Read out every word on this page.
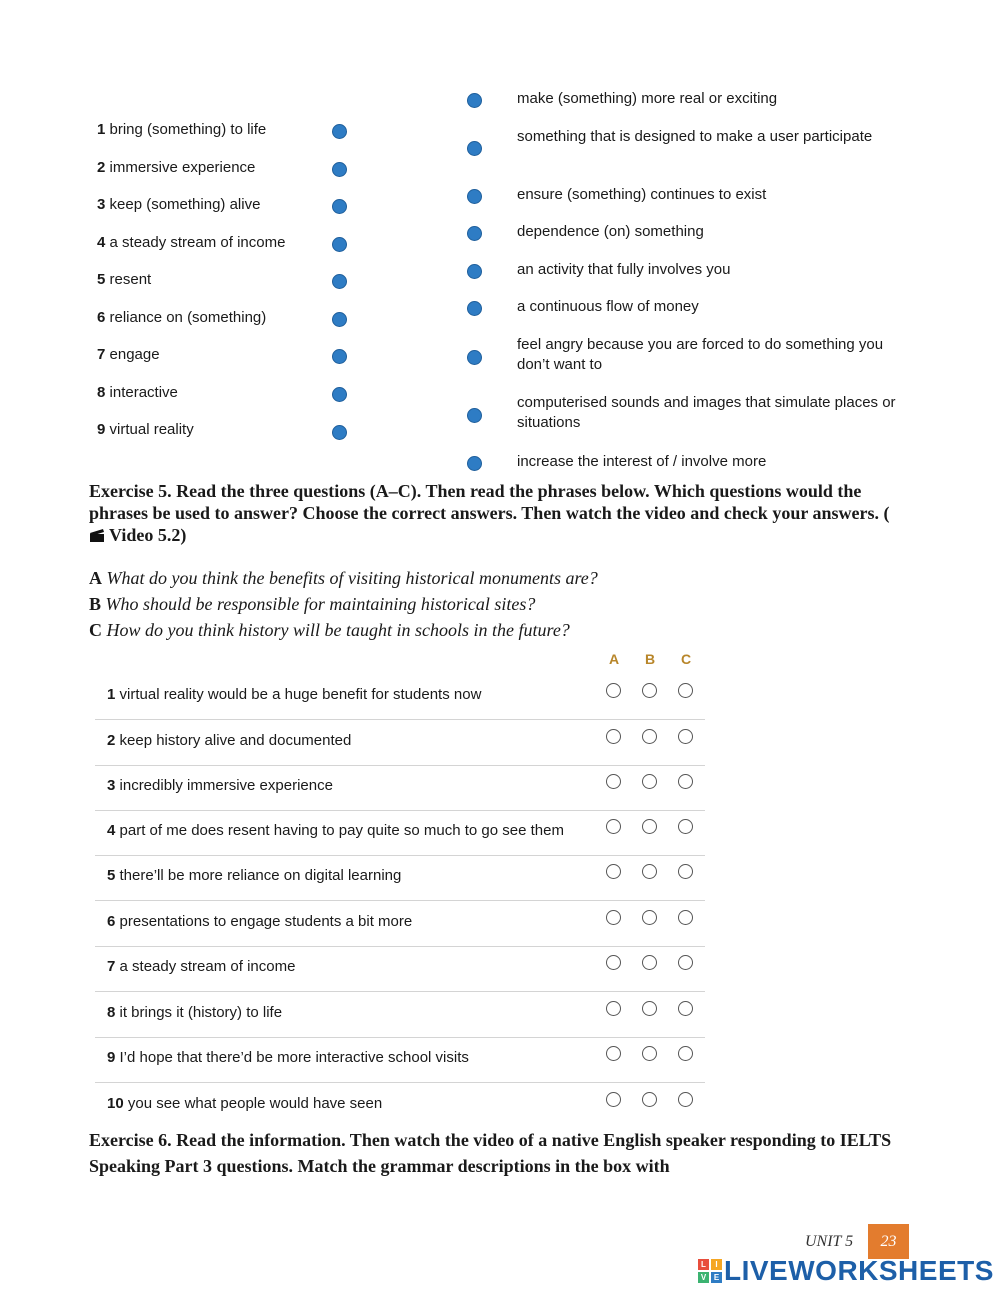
1 bring (something) to life
2 immersive experience
3 keep (something) alive
4 a steady stream of income
5 resent
6 reliance on (something)
7 engage
8 interactive
9 virtual reality
make (something) more real or exciting
something that is designed to make a user participate
ensure (something) continues to exist
dependence (on) something
an activity that fully involves you
a continuous flow of money
feel angry because you are forced to do something you don’t want to
computerised sounds and images that simulate places or situations
increase the interest of / involve more
Exercise 5. Read the three questions (A–C). Then read the phrases below. Which questions would the phrases be used to answer? Choose the correct answers. Then watch the video and check your answers. (Video 5.2)
A What do you think the benefits of visiting historical monuments are?
B Who should be responsible for maintaining historical sites?
C How do you think history will be taught in schools in the future?
A B C
1 virtual reality would be a huge benefit for students now
2 keep history alive and documented
3 incredibly immersive experience
4 part of me does resent having to pay quite so much to go see them
5 there’ll be more reliance on digital learning
6 presentations to engage students a bit more
7 a steady stream of income
8 it brings it (history) to life
9 I’d hope that there’d be more interactive school visits
10 you see what people would have seen
Exercise 6. Read the information. Then watch the video of a native English speaker responding to IELTS Speaking Part 3 questions. Match the grammar descriptions in the box with
UNIT 5	23
L	I
V E LIVEWORKSHEETS
